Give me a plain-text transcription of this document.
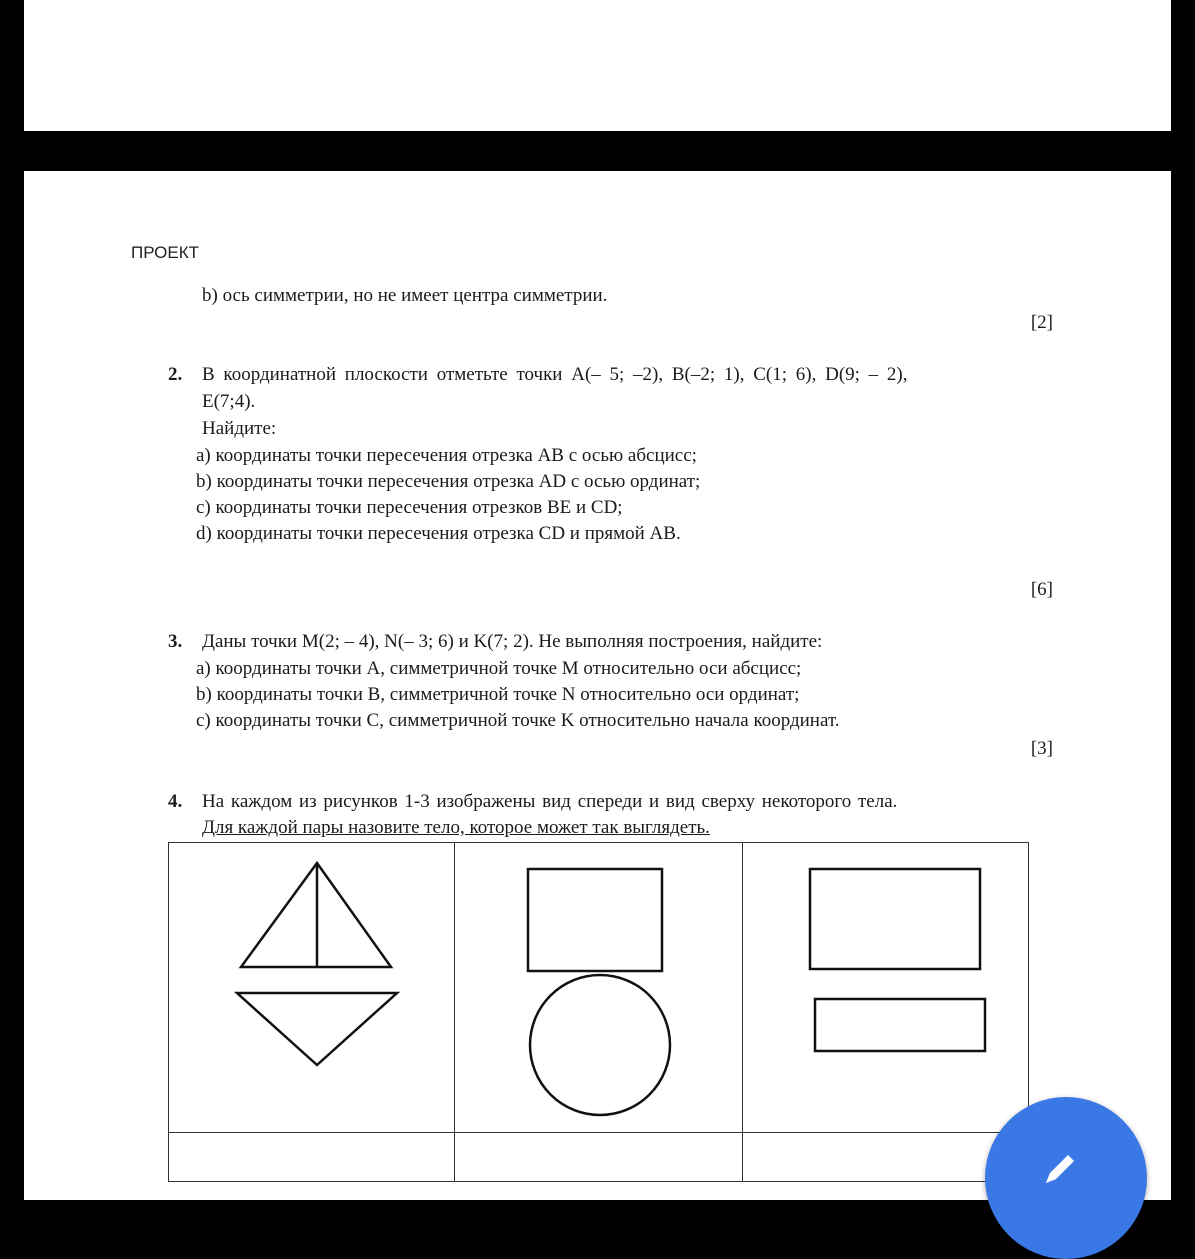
ПРОЕКТ
b) ось симметрии, но не имеет центра симметрии.
[2]
2. В координатной плоскости отметьте точки A(– 5; –2), B(–2; 1), C(1; 6), D(9; – 2),
E(7;4).
Найдите:
a) координаты точки пересечения отрезка AB с осью абсцисс;
b) координаты точки пересечения отрезка AD с осью ординат;
c) координаты точки пересечения отрезков BE и CD;
d) координаты точки пересечения отрезка CD и прямой AB.
[6]
3. Даны точки M(2; – 4), N(– 3; 6) и K(7; 2). Не выполняя построения, найдите:
a) координаты точки A, симметричной точке M относительно оси абсцисс;
b) координаты точки B, симметричной точке N относительно оси ординат;
c) координаты точки C, симметричной точке K относительно начала координат.
[3]
4. На каждом из рисунков 1-3 изображены вид спереди и вид сверху некоторого тела.
Для каждой пары назовите тело, которое может так выглядеть.
